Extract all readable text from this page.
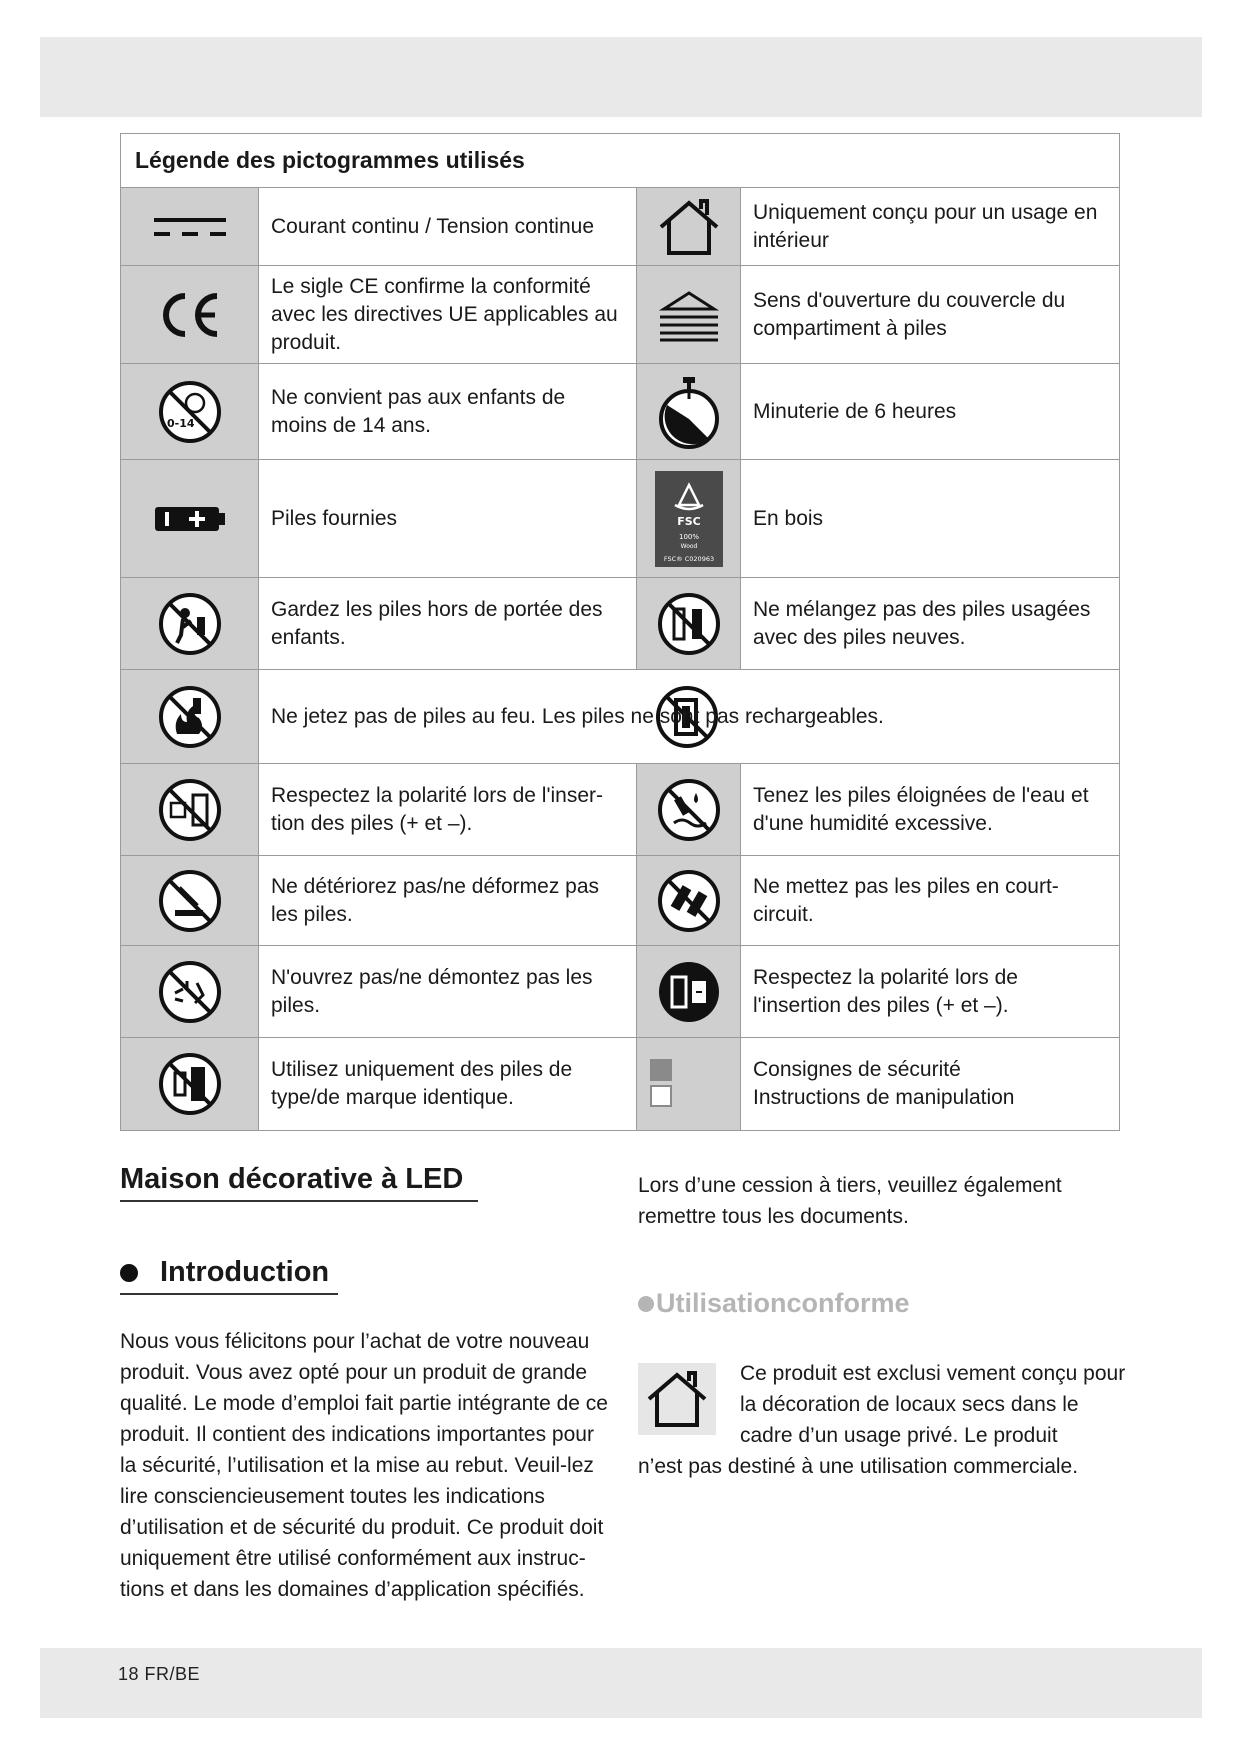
Légende des pictogrammes utilisés
Courant continu / Tension continue
Uniquement conçu pour un usage en intérieur
Le sigle CE confirme la conformité avec les directives UE applicables au produit.
Sens d'ouverture du couvercle du compartiment à piles
0-14
Ne convient pas aux enfants de moins de 14 ans.
Minuterie de 6 heures
Piles fournies	FSC
100%
Wood
FSC® C020963
En bois
Gardez les piles hors de portée des enfants.
Ne mélangez pas des piles usagées avec des piles neuves.
Ne jetez pas de piles au feu. Les piles ne sont pas rechargeables.
Respectez la polarité lors de l'inser-tion des piles (+ et –).
Tenez les piles éloignées de l'eau et d'une humidité excessive.
Ne détériorez pas/ne déformez pas les piles.
Ne mettez pas les piles en court-circuit.
N'ouvrez pas/ne démontez pas les piles.
Respectez la polarité lors de l'insertion des piles (+ et –).
Utilisez uniquement des piles de type/de marque identique.
Consignes de sécurité
Instructions de manipulation
Maison décorative à LED
Introduction
Nous vous félicitons pour l’achat de votre nouveau produit. Vous avez opté pour un produit de grande qualité. Le mode d’emploi fait partie intégrante de ce produit. Il contient des indications importantes pour la sécurité, l’utilisation et la mise au rebut. Veuil-lez lire consciencieusement toutes les indications d’utilisation et de sécurité du produit. Ce produit doit uniquement être utilisé conformément aux instruc-tions et dans les domaines d’application spécifiés.
Lors d’une cession à tiers, veuillez également remettre tous les documents.
Utilisationconforme
Ce produit est exclusi vement conçu pour la décoration de locaux secs dans le cadre d’un usage privé. Le produit
n’est pas destiné à une utilisation commerciale.
18 FR/BE
